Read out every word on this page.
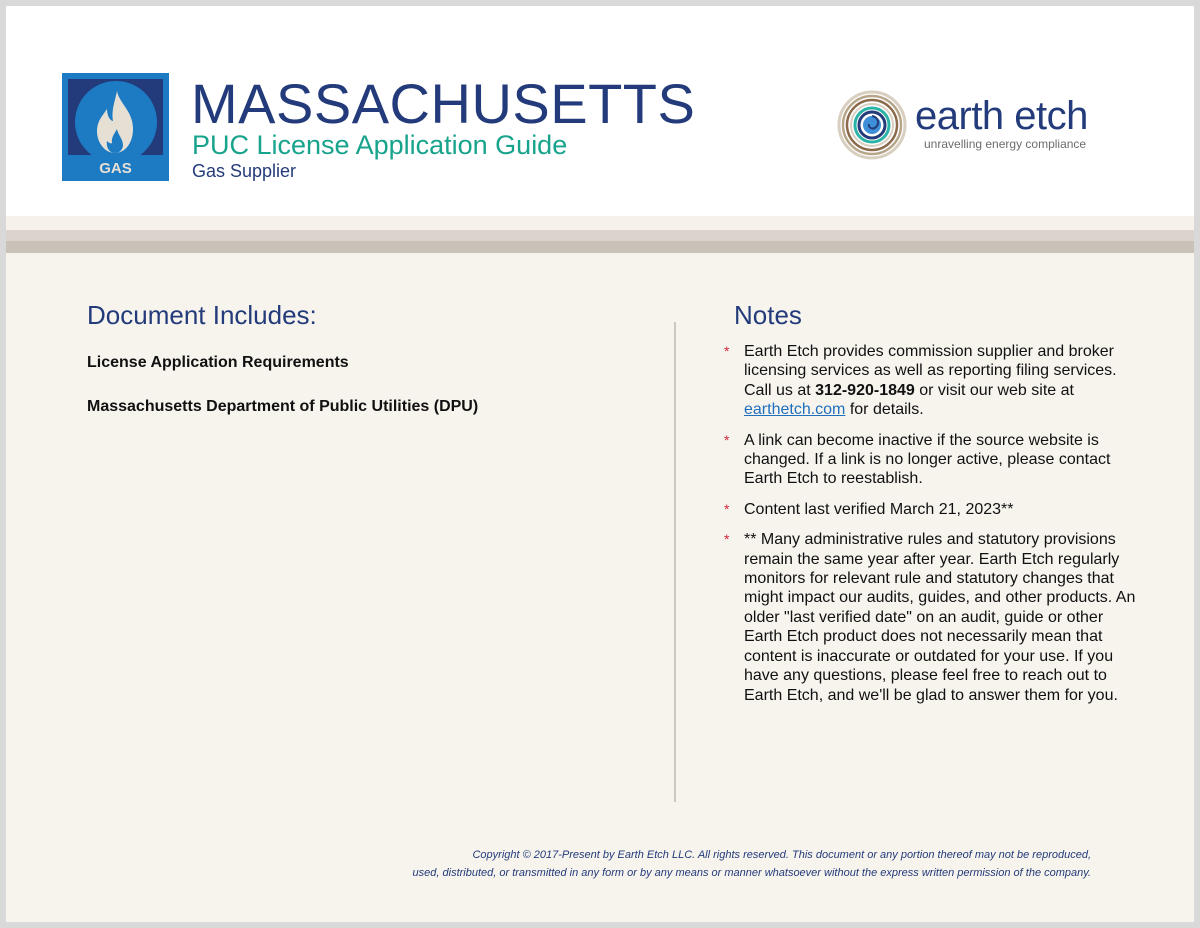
GAS
MASSACHUSETTS
PUC License Application Guide
Gas Supplier
earth etch
unravelling energy compliance
Document Includes:
License Application Requirements
Massachusetts Department of Public Utilities (DPU)
Notes
* Earth Etch provides commission supplier and broker licensing services as well as reporting filing services. Call us at 312-920-1849 or visit our web site at earthetch.com for details.
* A link can become inactive if the source website is changed. If a link is no longer active, please contact Earth Etch to reestablish.
* Content last verified March 21, 2023**
* ** Many administrative rules and statutory provisions remain the same year after year. Earth Etch regularly monitors for relevant rule and statutory changes that might impact our audits, guides, and other products. An older "last verified date" on an audit, guide or other Earth Etch product does not necessarily mean that content is inaccurate or outdated for your use. If you have any questions, please feel free to reach out to Earth Etch, and we'll be glad to answer them for you.
Copyright © 2017-Present by Earth Etch LLC. All rights reserved. This document or any portion thereof may not be reproduced,
used, distributed, or transmitted in any form or by any means or manner whatsoever without the express written permission of the company.
